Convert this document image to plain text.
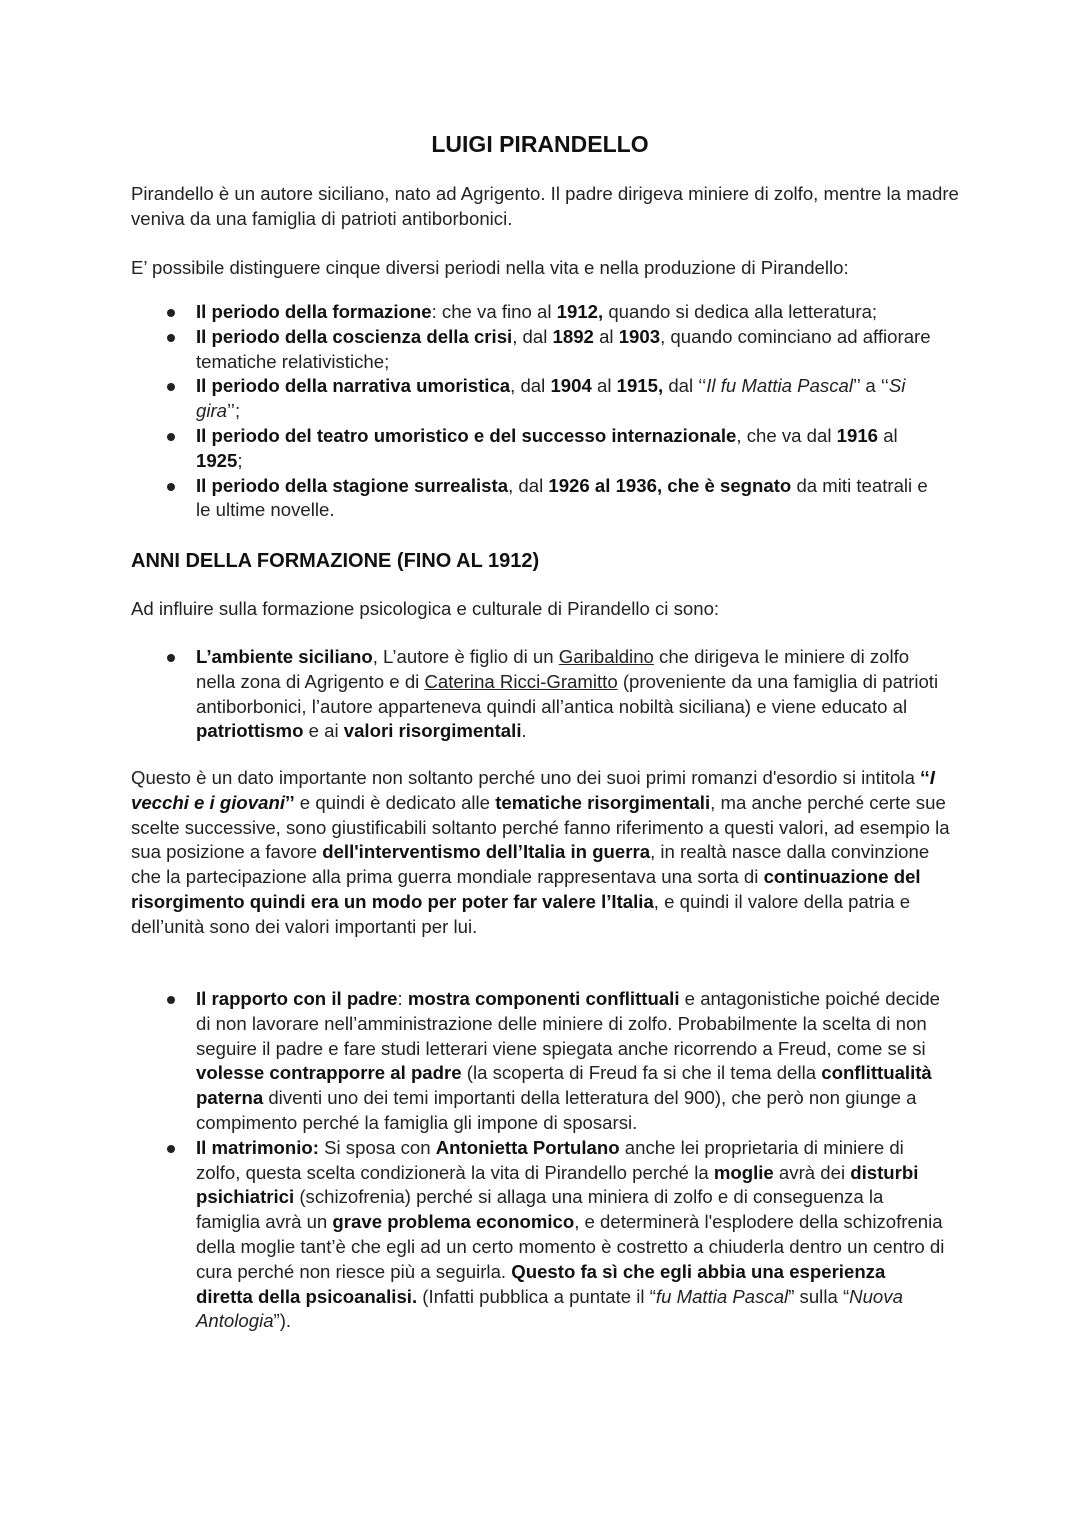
LUIGI PIRANDELLO

Pirandello è un autore siciliano, nato ad Agrigento. Il padre dirigeva miniere di zolfo, mentre la madre veniva da una famiglia di patrioti antiborbonici.

E’ possibile distinguere cinque diversi periodi nella vita e nella produzione di Pirandello:

Il periodo della formazione: che va fino al 1912, quando si dedica alla letteratura;
Il periodo della coscienza della crisi, dal 1892 al 1903, quando cominciano ad affiorare tematiche relativistiche;
Il periodo della narrativa umoristica, dal 1904 al 1915, dal ‘‘Il fu Mattia Pascal’’ a ‘‘Si gira’’;
Il periodo del teatro umoristico e del successo internazionale, che va dal 1916 al 1925;
Il periodo della stagione surrealista, dal 1926 al 1936, che è segnato da miti teatrali e le ultime novelle.
ANNI DELLA FORMAZIONE (FINO AL 1912)

Ad influire sulla formazione psicologica e culturale di Pirandello ci sono:

L’ambiente siciliano, L’autore è figlio di un Garibaldino che dirigeva le miniere di zolfo nella zona di Agrigento e di Caterina Ricci-Gramitto (proveniente da una famiglia di patrioti antiborbonici, l’autore apparteneva quindi all’antica nobiltà siciliana) e viene educato al patriottismo e ai valori risorgimentali.

Questo è un dato importante non soltanto perché uno dei suoi primi romanzi d'esordio si intitola ‘‘I vecchi e i giovani’’ e quindi è dedicato alle tematiche risorgimentali, ma anche perché certe sue scelte successive, sono giustificabili soltanto perché fanno riferimento a questi valori, ad esempio la sua posizione a favore dell'interventismo dell’Italia in guerra, in realtà nasce dalla convinzione che la partecipazione alla prima guerra mondiale rappresentava una sorta di continuazione del risorgimento quindi era un modo per poter far valere l’Italia, e quindi il valore della patria e dell’unità sono dei valori importanti per lui.

Il rapporto con il padre: mostra componenti conflittuali e antagonistiche poiché decide di non lavorare nell’amministrazione delle miniere di zolfo. Probabilmente la scelta di non seguire il padre e fare studi letterari viene spiegata anche ricorrendo a Freud, come se si volesse contrapporre al padre (la scoperta di Freud fa si che il tema della conflittualità paterna diventi uno dei temi importanti della letteratura del 900), che però non giunge a compimento perché la famiglia gli impone di sposarsi.
Il matrimonio: Si sposa con Antonietta Portulano anche lei proprietaria di miniere di zolfo, questa scelta condizionerà la vita di Pirandello perché la moglie avrà dei disturbi psichiatrici (schizofrenia) perché si allaga una miniera di zolfo e di conseguenza la famiglia avrà un grave problema economico, e determinerà l'esplodere della schizofrenia della moglie tant’è che egli ad un certo momento è costretto a chiuderla dentro un centro di cura perché non riesce più a seguirla. Questo fa sì che egli abbia una esperienza diretta della psicoanalisi. (Infatti pubblica a puntate il “fu Mattia Pascal” sulla “Nuova Antologia”).
